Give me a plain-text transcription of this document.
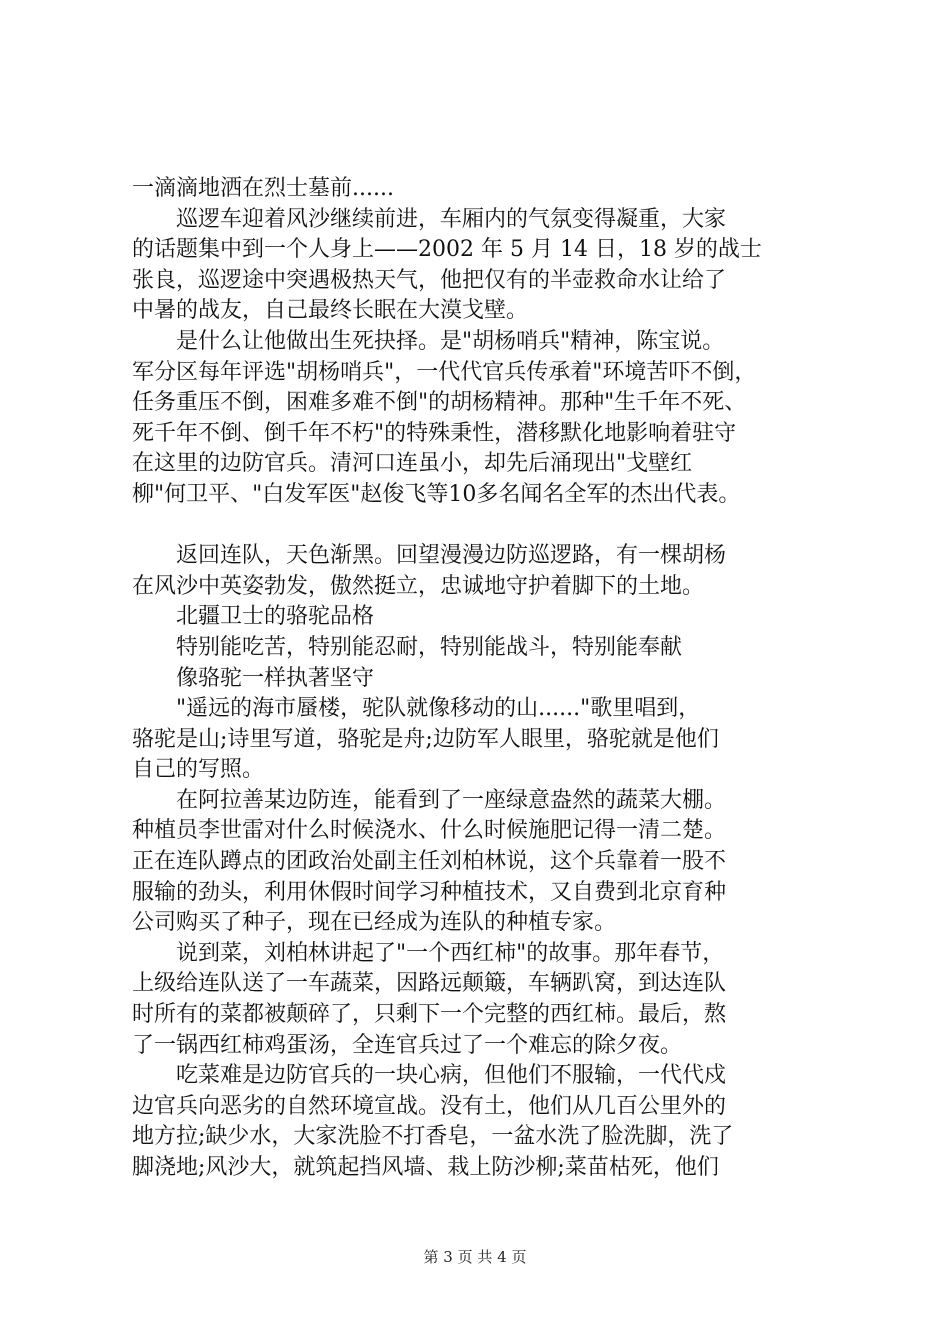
一滴滴地洒在烈士墓前......
巡逻车迎着风沙继续前进，车厢内的气氛变得凝重，大家
的话题集中到一个人身上——2002 年 5 月 14 日，18 岁的战士
张良，巡逻途中突遇极热天气，他把仅有的半壶救命水让给了
中暑的战友，自己最终长眠在大漠戈壁。
是什么让他做出生死抉择。是"胡杨哨兵"精神，陈宝说。
军分区每年评选"胡杨哨兵"，一代代官兵传承着"环境苦吓不倒，
任务重压不倒，困难多难不倒"的胡杨精神。那种"生千年不死、
死千年不倒、倒千年不朽"的特殊秉性，潜移默化地影响着驻守
在这里的边防官兵。清河口连虽小，却先后涌现出"戈壁红
柳"何卫平、"白发军医"赵俊飞等10多名闻名全军的杰出代表。
返回连队，天色渐黑。回望漫漫边防巡逻路，有一棵胡杨
在风沙中英姿勃发，傲然挺立，忠诚地守护着脚下的土地。
北疆卫士的骆驼品格
特别能吃苦，特别能忍耐，特别能战斗，特别能奉献
像骆驼一样执著坚守
"遥远的海市蜃楼，驼队就像移动的山......"歌里唱到，
骆驼是山;诗里写道，骆驼是舟;边防军人眼里，骆驼就是他们
自己的写照。
在阿拉善某边防连，能看到了一座绿意盎然的蔬菜大棚。
种植员李世雷对什么时候浇水、什么时候施肥记得一清二楚。
正在连队蹲点的团政治处副主任刘柏林说，这个兵靠着一股不
服输的劲头，利用休假时间学习种植技术，又自费到北京育种
公司购买了种子，现在已经成为连队的种植专家。
说到菜，刘柏林讲起了"一个西红柿"的故事。那年春节，
上级给连队送了一车蔬菜，因路远颠簸，车辆趴窝，到达连队
时所有的菜都被颠碎了，只剩下一个完整的西红柿。最后，熬
了一锅西红柿鸡蛋汤，全连官兵过了一个难忘的除夕夜。
吃菜难是边防官兵的一块心病，但他们不服输，一代代戍
边官兵向恶劣的自然环境宣战。没有土，他们从几百公里外的
地方拉;缺少水，大家洗脸不打香皂，一盆水洗了脸洗脚，洗了
脚浇地;风沙大，就筑起挡风墙、栽上防沙柳;菜苗枯死，他们
第 3 页 共 4 页
